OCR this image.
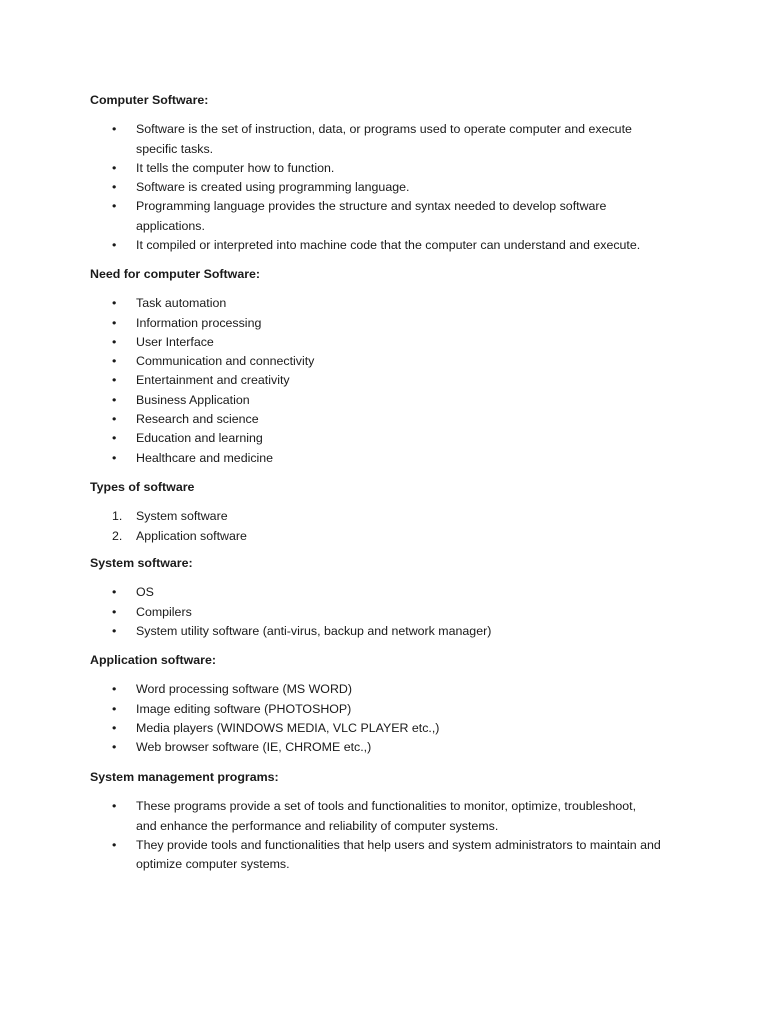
Computer Software:
• Software is the set of instruction, data, or programs used to operate computer and execute
specific tasks.
• It tells the computer how to function.
• Software is created using programming language.
• Programming language provides the structure and syntax needed to develop software
applications.
• It compiled or interpreted into machine code that the computer can understand and execute.
Need for computer Software:
• Task automation
• Information processing
• User Interface
• Communication and connectivity
• Entertainment and creativity
• Business Application
• Research and science
• Education and learning
• Healthcare and medicine
Types of software
1. System software
2. Application software
System software:
• OS
• Compilers
• System utility software (anti-virus, backup and network manager)
Application software:
• Word processing software (MS WORD)
• Image editing software (PHOTOSHOP)
• Media players (WINDOWS MEDIA, VLC PLAYER etc.,)
• Web browser software (IE, CHROME etc.,)
System management programs:
• These programs provide a set of tools and functionalities to monitor, optimize, troubleshoot,
and enhance the performance and reliability of computer systems.
• They provide tools and functionalities that help users and system administrators to maintain and
optimize computer systems.
